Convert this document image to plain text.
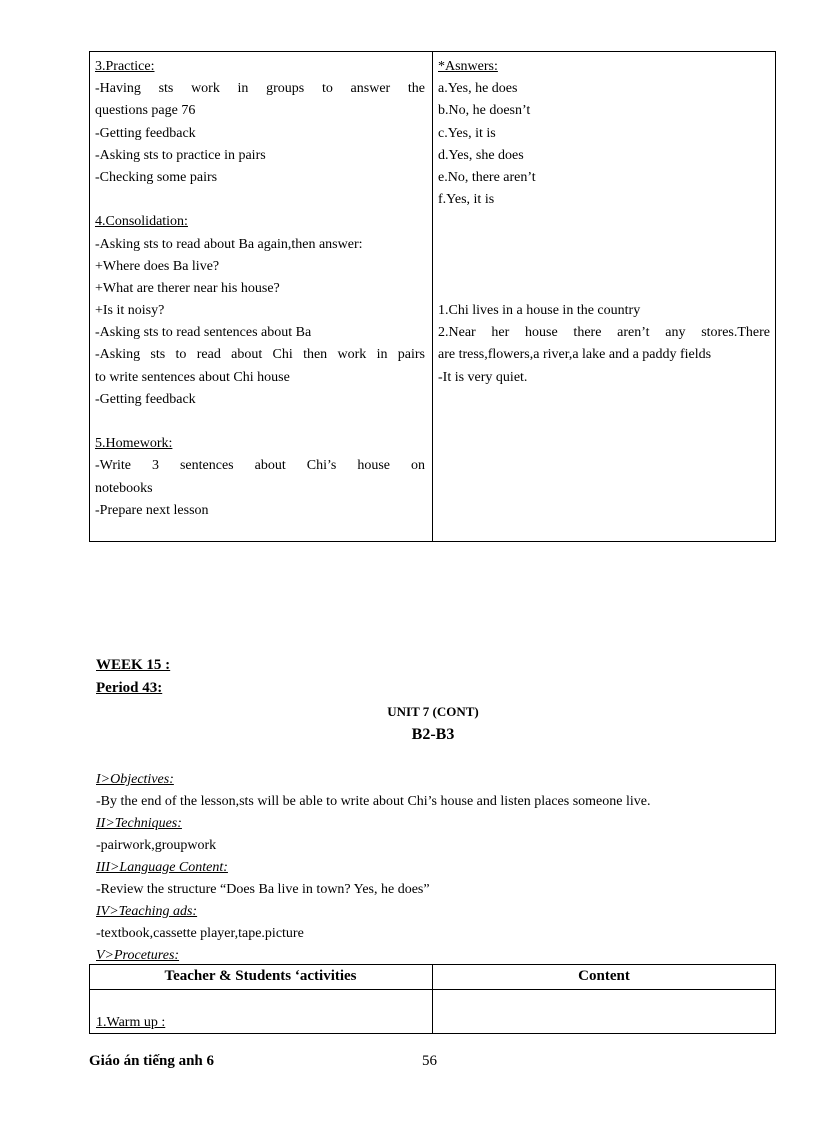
3.Practice:
-Having sts work in groups to answer the
questions page 76
-Getting feedback
-Asking sts to practice in pairs
-Checking some pairs

4.Consolidation:
-Asking sts to read about Ba again,then answer:
+Where does Ba live?
+What are therer near his house?
+Is it noisy?
-Asking sts to read sentences about Ba
-Asking sts to read about Chi then work in pairs
to write sentences about Chi house
-Getting feedback

5.Homework:
-Write 3 sentences about Chi’s house on
notebooks
-Prepare next lesson
*Asnwers:
a.Yes, he does
b.No, he doesn’t
c.Yes, it is
d.Yes, she does
e.No, there aren’t
f.Yes, it is

1.Chi lives in a house in the country
2.Near her house there aren’t any stores.There
are tress,flowers,a river,a lake and a paddy fields
-It is very quiet.
WEEK 15 :
Period 43:
UNIT 7 (CONT)
B2-B3
I>Objectives:
-By the end of the lesson,sts will be able to write about Chi’s house and listen places someone live.
II>Techniques:
-pairwork,groupwork
III>Language Content:
-Review the structure “Does Ba live in town? Yes, he does”
IV>Teaching ads:
-textbook,cassette player,tape.picture
V>Procetures:
Teacher & Students ‘activities	Content
1.Warm up :
Giáo án tiếng anh 6	56
